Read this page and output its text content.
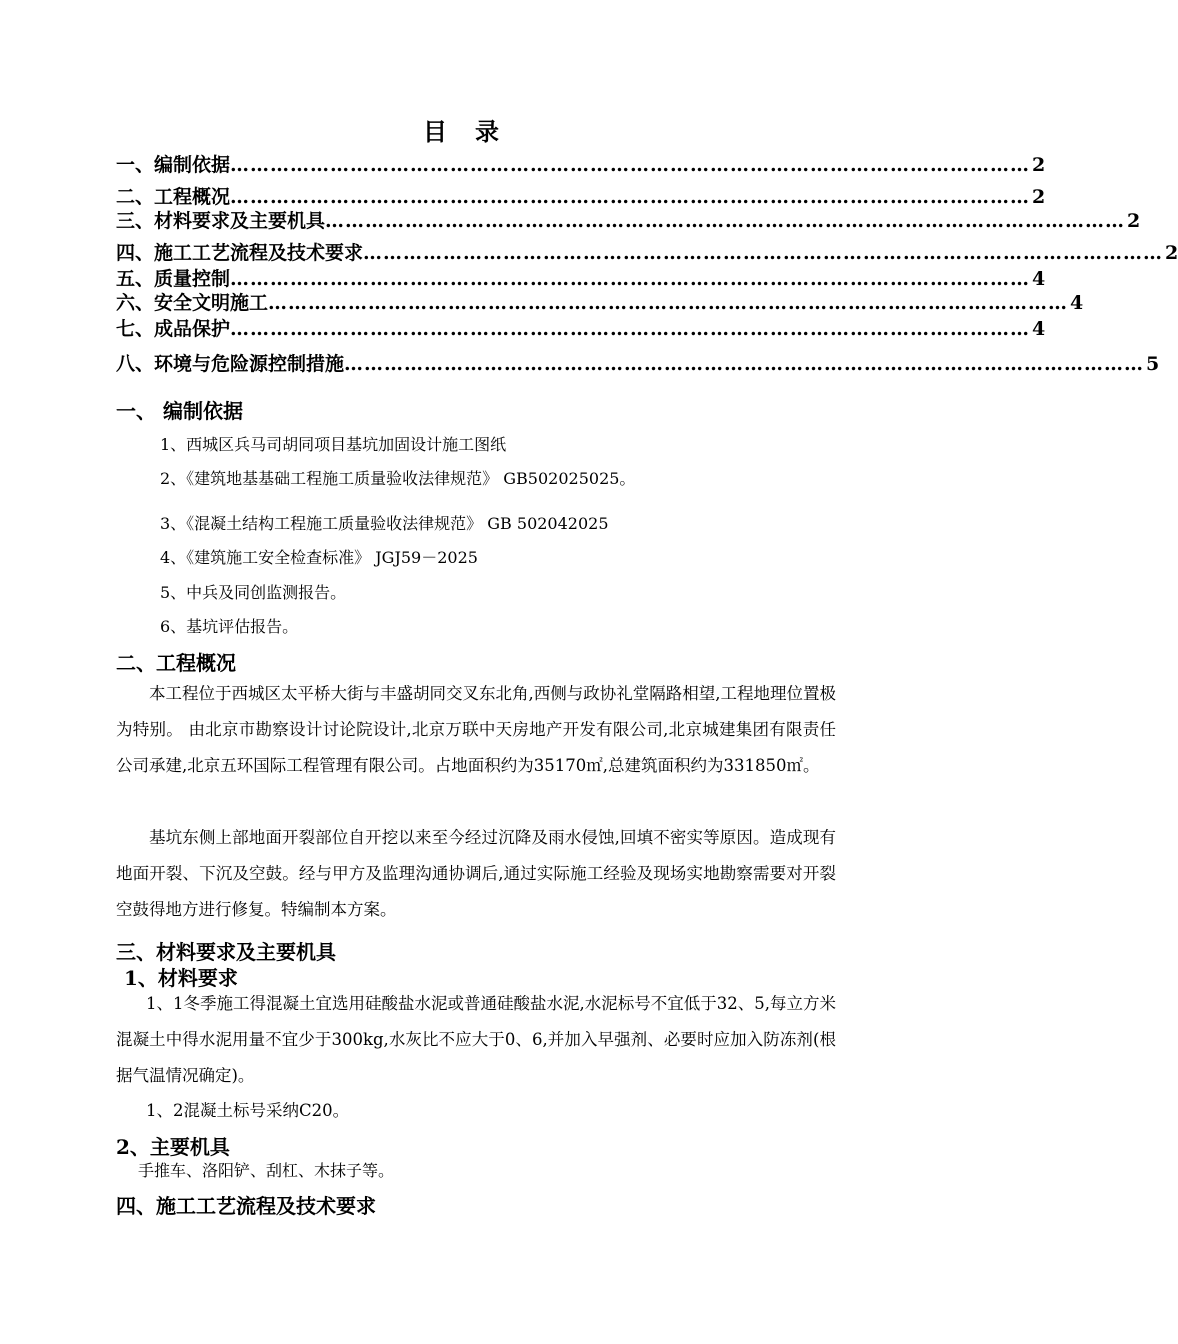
目录
一、编制依据 ………………………………………………………………………………………………………… 2
二、工程概况 ………………………………………………………………………………………………………… 2
三、材料要求及主要机具 ………………………………………………………………………………………………………… 2
四、施工工艺流程及技术要求 ………………………………………………………………………………………………………… 2
五、质量控制 ………………………………………………………………………………………………………… 4
六、安全文明施工 ………………………………………………………………………………………………………… 4
七、成品保护 ………………………………………………………………………………………………………… 4
八、环境与危险源控制措施 ………………………………………………………………………………………………………… 5
一、 编制依据
1、西城区兵马司胡同项目基坑加固设计施工图纸
2、《建筑地基基础工程施工质量验收法律规范》 GB502025025。
3、《混凝土结构工程施工质量验收法律规范》 GB 502042025
4、《建筑施工安全检查标准》 JGJ59－2025
5、中兵及同创监测报告。
6、基坑评估报告。
二、工程概况
本工程位于西城区太平桥大街与丰盛胡同交叉东北角,西侧与政协礼堂隔路相望,工程地理位置极为特别。 由北京市勘察设计讨论院设计,北京万联中天房地产开发有限公司,北京城建集团有限责任公司承建,北京五环国际工程管理有限公司。占地面积约为35170㎡,总建筑面积约为331850㎡。
基坑东侧上部地面开裂部位自开挖以来至今经过沉降及雨水侵蚀,回填不密实等原因。造成现有地面开裂、下沉及空鼓。经与甲方及监理沟通协调后,通过实际施工经验及现场实地勘察需要对开裂空鼓得地方进行修复。特编制本方案。
三、材料要求及主要机具
1、材料要求
1、1冬季施工得混凝土宜选用硅酸盐水泥或普通硅酸盐水泥,水泥标号不宜低于32、5,每立方米混凝土中得水泥用量不宜少于300kg,水灰比不应大于0、6,并加入早强剂、必要时应加入防冻剂(根据气温情况确定)。
1、2混凝土标号采纳C20。
2、主要机具
手推车、洛阳铲、刮杠、木抹子等。
四、施工工艺流程及技术要求
